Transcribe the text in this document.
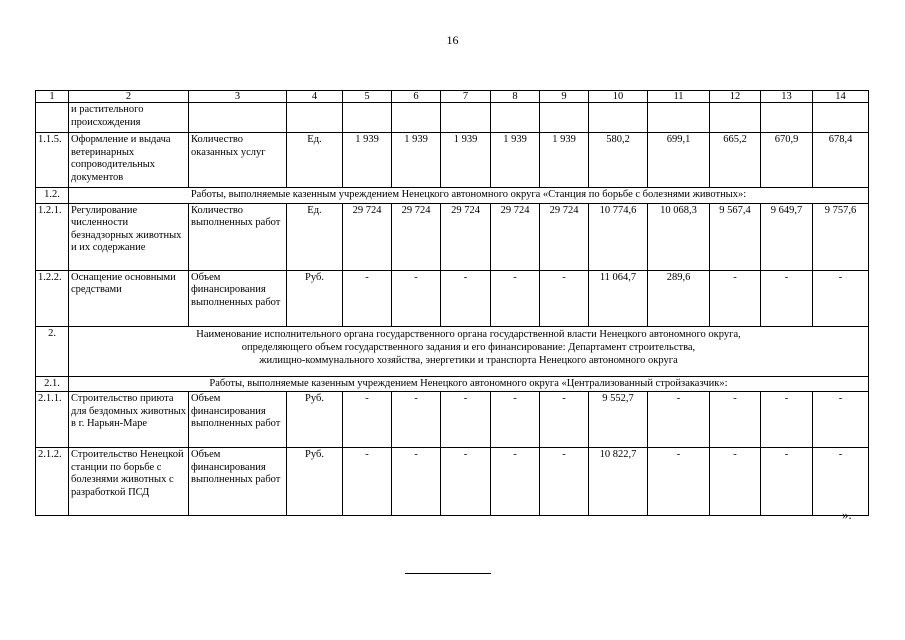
16
1	2	3	4	5	6	7	8	9	10	11	12	13	14
	и растительного происхождения												
1.1.5.	Оформление и выдача ветеринарных сопроводительных документов	Количество оказанных услуг	Ед.	1 939	1 939	1 939	1 939	1 939	580,2	699,1	665,2	670,9	678,4
1.2.	Работы, выполняемые казенным учреждением Ненецкого автономного округа «Станция по борьбе с болезнями животных»:												
1.2.1.	Регулирование численности безнадзорных животных и их содержание	Количество выполненных работ	Ед.	29 724	29 724	29 724	29 724	29 724	10 774,6	10 068,3	9 567,4	9 649,7	9 757,6
1.2.2.	Оснащение основными средствами	Объем финансирования выполненных работ	Руб.	-	-	-	-	-	11 064,7	289,6	-	-	-
2.	Наименование исполнительного органа государственного органа государственной власти Ненецкого автономного округа,
определяющего объем государственного задания и его финансирование: Департамент строительства,
жилищно-коммунального хозяйства, энергетики и транспорта Ненецкого автономного округа												

2.1.	Работы, выполняемые казенным учреждением Ненецкого автономного округа «Централизованный стройзаказчик»:												
2.1.1.	Строительство приюта для бездомных животных в г. Нарьян-Маре	Объем финансирования выполненных работ	Руб.	-	-	-	-	-	9 552,7	-	-	-	-
2.1.2.	Строительство Ненецкой станции по борьбе с болезнями животных с разработкой ПСД	Объем финансирования выполненных работ	Руб.	-	-	-	-	-	10 822,7	-	-	-	-
».
